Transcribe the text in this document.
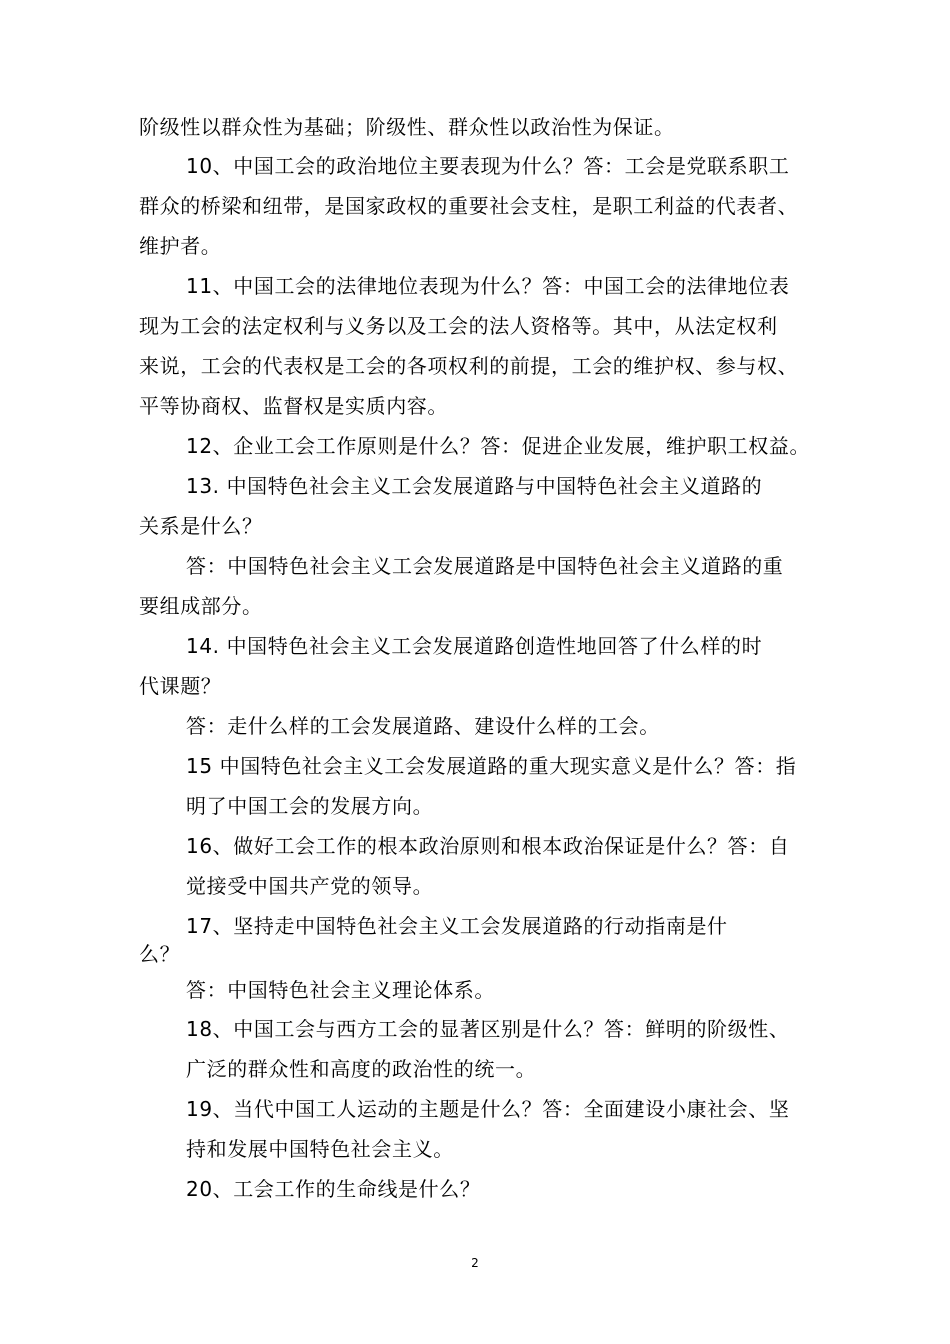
阶级性以群众性为基础；阶级性、群众性以政治性为保证。
10、中国工会的政治地位主要表现为什么？答：工会是党联系职工
群众的桥梁和纽带，是国家政权的重要社会支柱，是职工利益的代表者、
维护者。
11、中国工会的法律地位表现为什么？答：中国工会的法律地位表
现为工会的法定权利与义务以及工会的法人资格等。其中，从法定权利
来说，工会的代表权是工会的各项权利的前提，工会的维护权、参与权、
平等协商权、监督权是实质内容。
12、企业工会工作原则是什么？答：促进企业发展，维护职工权益。
13. 中国特色社会主义工会发展道路与中国特色社会主义道路的
关系是什么？
答：中国特色社会主义工会发展道路是中国特色社会主义道路的重
要组成部分。
14. 中国特色社会主义工会发展道路创造性地回答了什么样的时
代课题？
答：走什么样的工会发展道路、建设什么样的工会。
15 中国特色社会主义工会发展道路的重大现实意义是什么？答：指
明了中国工会的发展方向。
16、做好工会工作的根本政治原则和根本政治保证是什么？答：自
觉接受中国共产党的领导。
17、坚持走中国特色社会主义工会发展道路的行动指南是什
么？
答：中国特色社会主义理论体系。
18、中国工会与西方工会的显著区别是什么？答：鲜明的阶级性、
广泛的群众性和高度的政治性的统一。
19、当代中国工人运动的主题是什么？答：全面建设小康社会、坚
持和发展中国特色社会主义。
20、工会工作的生命线是什么？
2
